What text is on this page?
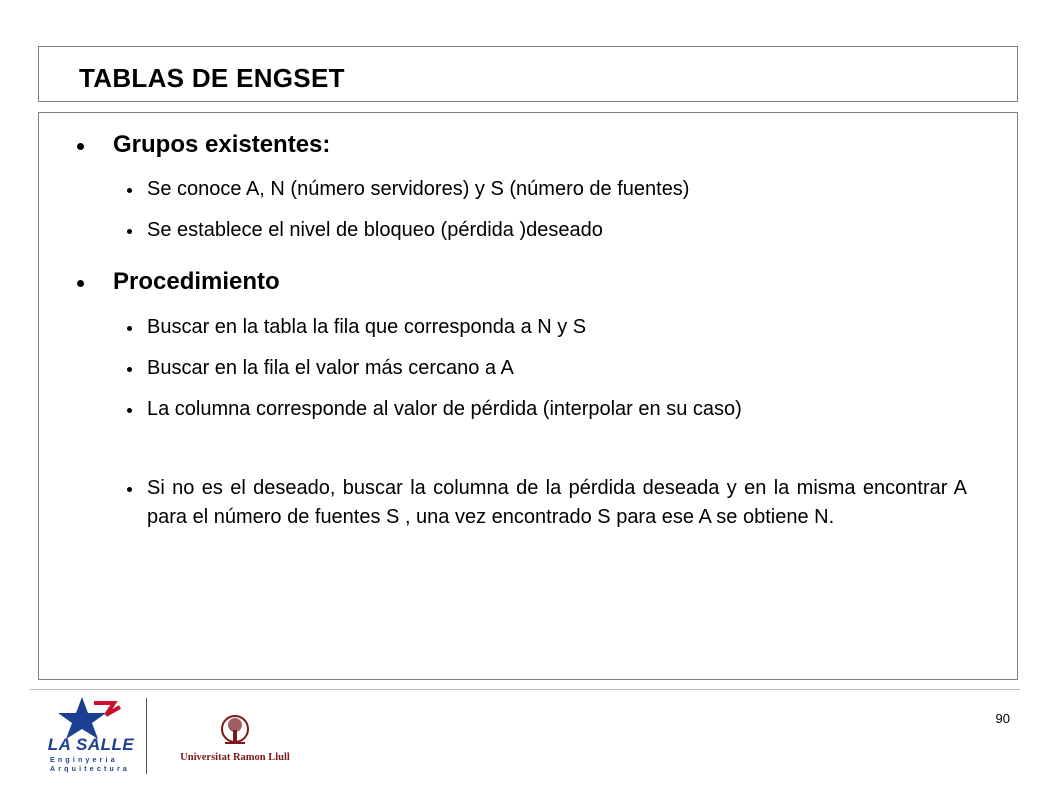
TABLAS DE ENGSET
Grupos existentes:
Se conoce A, N (número servidores) y S (número de fuentes)
Se establece el nivel de bloqueo (pérdida )deseado
Procedimiento
Buscar en la tabla la fila que corresponda a N y S
Buscar en la fila el valor más cercano a A
La columna corresponde al valor de pérdida (interpolar en su caso)
Si no es el deseado, buscar la columna de la pérdida deseada y en la misma encontrar A para el número de fuentes S , una vez encontrado S para ese A se obtiene N.
LA SALLE
Enginyeria
Arquitectura
Universitat Ramon Llull
90
